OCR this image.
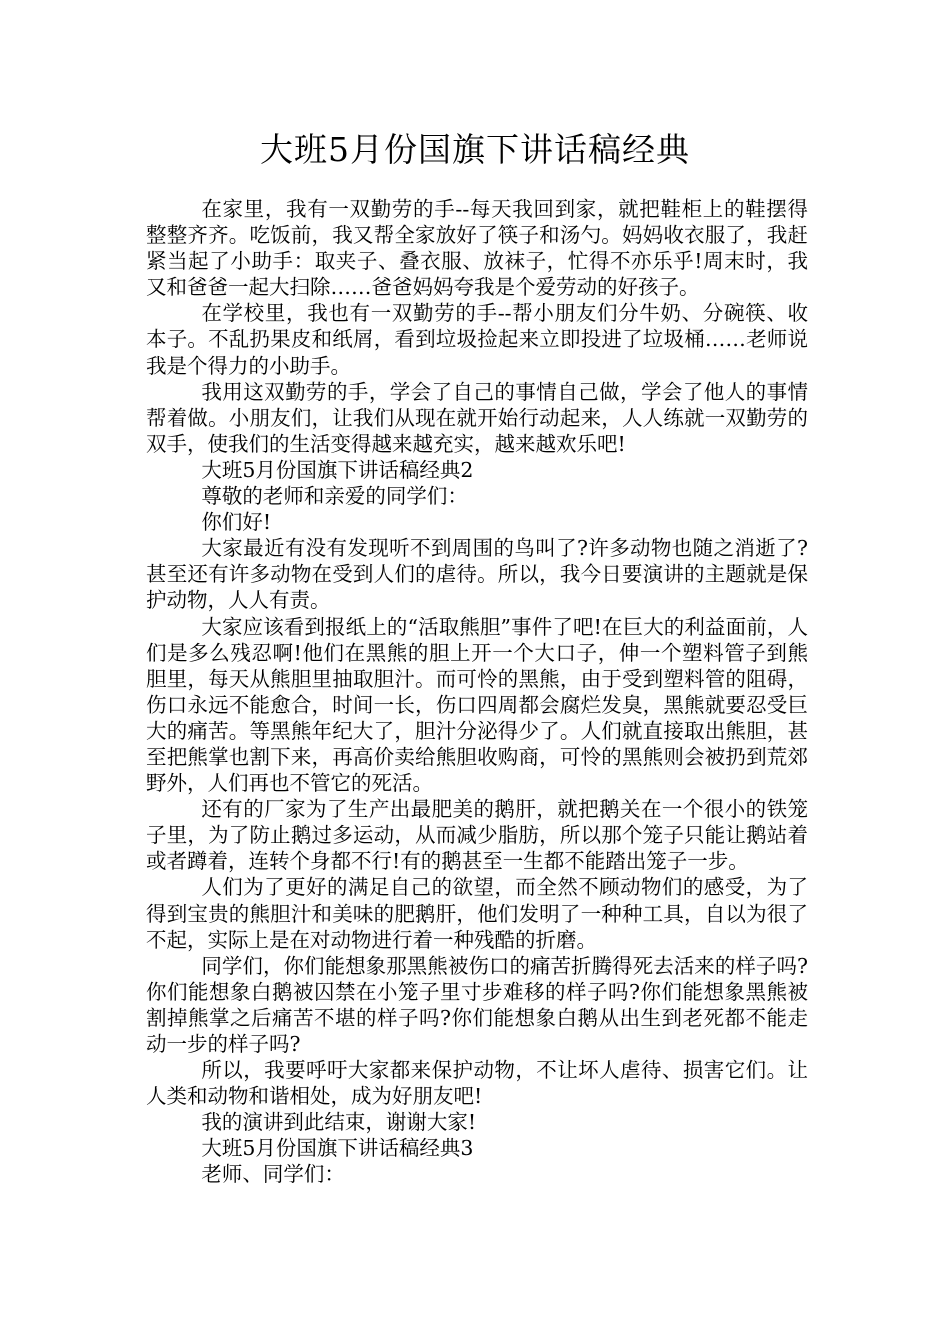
大班5月份国旗下讲话稿经典

在家里，我有一双勤劳的手--每天我回到家，就把鞋柜上的鞋摆得整整齐齐。吃饭前，我又帮全家放好了筷子和汤勺。妈妈收衣服了，我赶紧当起了小助手：取夹子、叠衣服、放袜子，忙得不亦乐乎!周末时，我又和爸爸一起大扫除……爸爸妈妈夸我是个爱劳动的好孩子。

在学校里，我也有一双勤劳的手--帮小朋友们分牛奶、分碗筷、收本子。不乱扔果皮和纸屑，看到垃圾捡起来立即投进了垃圾桶……老师说我是个得力的小助手。

我用这双勤劳的手，学会了自己的事情自己做，学会了他人的事情帮着做。小朋友们，让我们从现在就开始行动起来，人人练就一双勤劳的双手，使我们的生活变得越来越充实，越来越欢乐吧!

大班5月份国旗下讲话稿经典2

尊敬的老师和亲爱的同学们：

你们好!

大家最近有没有发现听不到周围的鸟叫了?许多动物也随之消逝了?甚至还有许多动物在受到人们的虐待。所以，我今日要演讲的主题就是保护动物，人人有责。

大家应该看到报纸上的“活取熊胆”事件了吧!在巨大的利益面前，人们是多么残忍啊!他们在黑熊的胆上开一个大口子，伸一个塑料管子到熊胆里，每天从熊胆里抽取胆汁。而可怜的黑熊，由于受到塑料管的阻碍，伤口永远不能愈合，时间一长，伤口四周都会腐烂发臭，黑熊就要忍受巨大的痛苦。等黑熊年纪大了，胆汁分泌得少了。人们就直接取出熊胆，甚至把熊掌也割下来，再高价卖给熊胆收购商，可怜的黑熊则会被扔到荒郊野外，人们再也不管它的死活。

还有的厂家为了生产出最肥美的鹅肝，就把鹅关在一个很小的铁笼子里，为了防止鹅过多运动，从而减少脂肪，所以那个笼子只能让鹅站着或者蹲着，连转个身都不行!有的鹅甚至一生都不能踏出笼子一步。

人们为了更好的满足自己的欲望，而全然不顾动物们的感受，为了得到宝贵的熊胆汁和美味的肥鹅肝，他们发明了一种种工具，自以为很了不起，实际上是在对动物进行着一种残酷的折磨。

同学们，你们能想象那黑熊被伤口的痛苦折腾得死去活来的样子吗?你们能想象白鹅被囚禁在小笼子里寸步难移的样子吗?你们能想象黑熊被割掉熊掌之后痛苦不堪的样子吗?你们能想象白鹅从出生到老死都不能走动一步的样子吗?

所以，我要呼吁大家都来保护动物，不让坏人虐待、损害它们。让人类和动物和谐相处，成为好朋友吧!

我的演讲到此结束，谢谢大家!

大班5月份国旗下讲话稿经典3

老师、同学们：
